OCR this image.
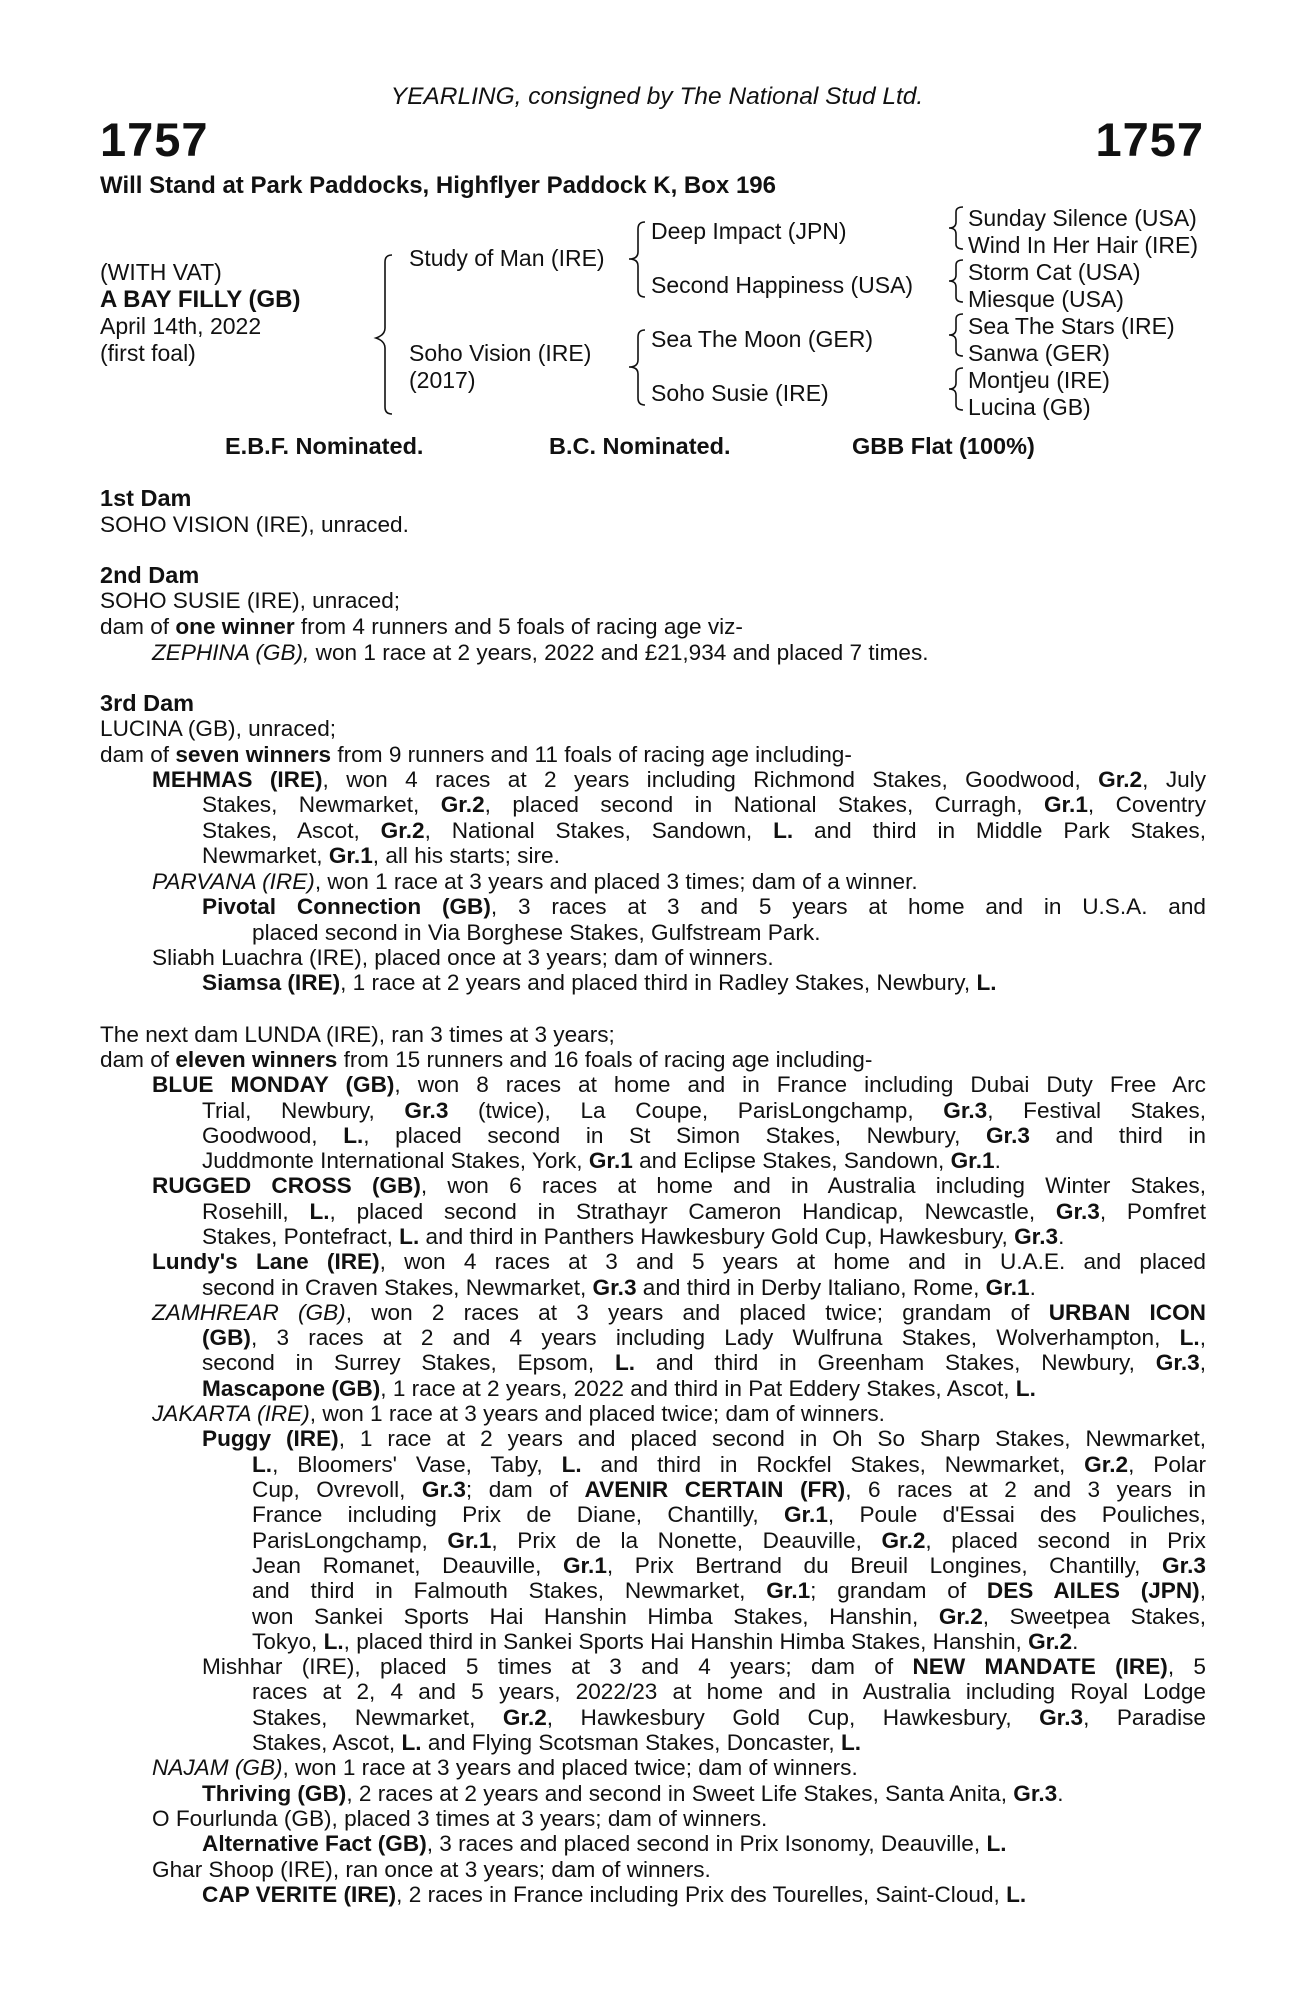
YEARLING, consigned by The National Stud Ltd.
1757	1757
Will Stand at Park Paddocks, Highflyer Paddock K, Box 196
(WITH VAT)
A BAY FILLY (GB)
April 14th, 2022
(first foal)
Study of Man (IRE)
Soho Vision (IRE)
(2017)
Deep Impact (JPN)
Second Happiness (USA)
Sea The Moon (GER)
Soho Susie (IRE)
Sunday Silence (USA)
Wind In Her Hair (IRE)
Storm Cat (USA)
Miesque (USA)
Sea The Stars (IRE)
Sanwa (GER)
Montjeu (IRE)
Lucina (GB)
E.B.F. Nominated.	B.C. Nominated.	GBB Flat (100%)
1st Dam
SOHO VISION (IRE), unraced.
2nd Dam
SOHO SUSIE (IRE), unraced;
dam of one winner from 4 runners and 5 foals of racing age viz-
ZEPHINA (GB), won 1 race at 2 years, 2022 and £21,934 and placed 7 times.
3rd Dam
LUCINA (GB), unraced;
dam of seven winners from 9 runners and 11 foals of racing age including-
MEHMAS (IRE), won 4 races at 2 years including Richmond Stakes, Goodwood, Gr.2, July
Stakes, Newmarket, Gr.2, placed second in National Stakes, Curragh, Gr.1, Coventry
Stakes, Ascot, Gr.2, National Stakes, Sandown, L. and third in Middle Park Stakes,
Newmarket, Gr.1, all his starts; sire.
PARVANA (IRE), won 1 race at 3 years and placed 3 times; dam of a winner.
Pivotal Connection (GB), 3 races at 3 and 5 years at home and in U.S.A. and
placed second in Via Borghese Stakes, Gulfstream Park.
Sliabh Luachra (IRE), placed once at 3 years; dam of winners.
Siamsa (IRE), 1 race at 2 years and placed third in Radley Stakes, Newbury, L.
The next dam LUNDA (IRE), ran 3 times at 3 years;
dam of eleven winners from 15 runners and 16 foals of racing age including-
BLUE MONDAY (GB), won 8 races at home and in France including Dubai Duty Free Arc
Trial, Newbury, Gr.3 (twice), La Coupe, ParisLongchamp, Gr.3, Festival Stakes,
Goodwood, L., placed second in St Simon Stakes, Newbury, Gr.3 and third in
Juddmonte International Stakes, York, Gr.1 and Eclipse Stakes, Sandown, Gr.1.
RUGGED CROSS (GB), won 6 races at home and in Australia including Winter Stakes,
Rosehill, L., placed second in Strathayr Cameron Handicap, Newcastle, Gr.3, Pomfret
Stakes, Pontefract, L. and third in Panthers Hawkesbury Gold Cup, Hawkesbury, Gr.3.
Lundy's Lane (IRE), won 4 races at 3 and 5 years at home and in U.A.E. and placed
second in Craven Stakes, Newmarket, Gr.3 and third in Derby Italiano, Rome, Gr.1.
ZAMHREAR (GB), won 2 races at 3 years and placed twice; grandam of URBAN ICON
(GB), 3 races at 2 and 4 years including Lady Wulfruna Stakes, Wolverhampton, L.,
second in Surrey Stakes, Epsom, L. and third in Greenham Stakes, Newbury, Gr.3,
Mascapone (GB), 1 race at 2 years, 2022 and third in Pat Eddery Stakes, Ascot, L.
JAKARTA (IRE), won 1 race at 3 years and placed twice; dam of winners.
Puggy (IRE), 1 race at 2 years and placed second in Oh So Sharp Stakes, Newmarket,
L., Bloomers' Vase, Taby, L. and third in Rockfel Stakes, Newmarket, Gr.2, Polar
Cup, Ovrevoll, Gr.3; dam of AVENIR CERTAIN (FR), 6 races at 2 and 3 years in
France including Prix de Diane, Chantilly, Gr.1, Poule d'Essai des Pouliches,
ParisLongchamp, Gr.1, Prix de la Nonette, Deauville, Gr.2, placed second in Prix
Jean Romanet, Deauville, Gr.1, Prix Bertrand du Breuil Longines, Chantilly, Gr.3
and third in Falmouth Stakes, Newmarket, Gr.1; grandam of DES AILES (JPN),
won Sankei Sports Hai Hanshin Himba Stakes, Hanshin, Gr.2, Sweetpea Stakes,
Tokyo, L., placed third in Sankei Sports Hai Hanshin Himba Stakes, Hanshin, Gr.2.
Mishhar (IRE), placed 5 times at 3 and 4 years; dam of NEW MANDATE (IRE), 5
races at 2, 4 and 5 years, 2022/23 at home and in Australia including Royal Lodge
Stakes, Newmarket, Gr.2, Hawkesbury Gold Cup, Hawkesbury, Gr.3, Paradise
Stakes, Ascot, L. and Flying Scotsman Stakes, Doncaster, L.
NAJAM (GB), won 1 race at 3 years and placed twice; dam of winners.
Thriving (GB), 2 races at 2 years and second in Sweet Life Stakes, Santa Anita, Gr.3.
O Fourlunda (GB), placed 3 times at 3 years; dam of winners.
Alternative Fact (GB), 3 races and placed second in Prix Isonomy, Deauville, L.
Ghar Shoop (IRE), ran once at 3 years; dam of winners.
CAP VERITE (IRE), 2 races in France including Prix des Tourelles, Saint-Cloud, L.
